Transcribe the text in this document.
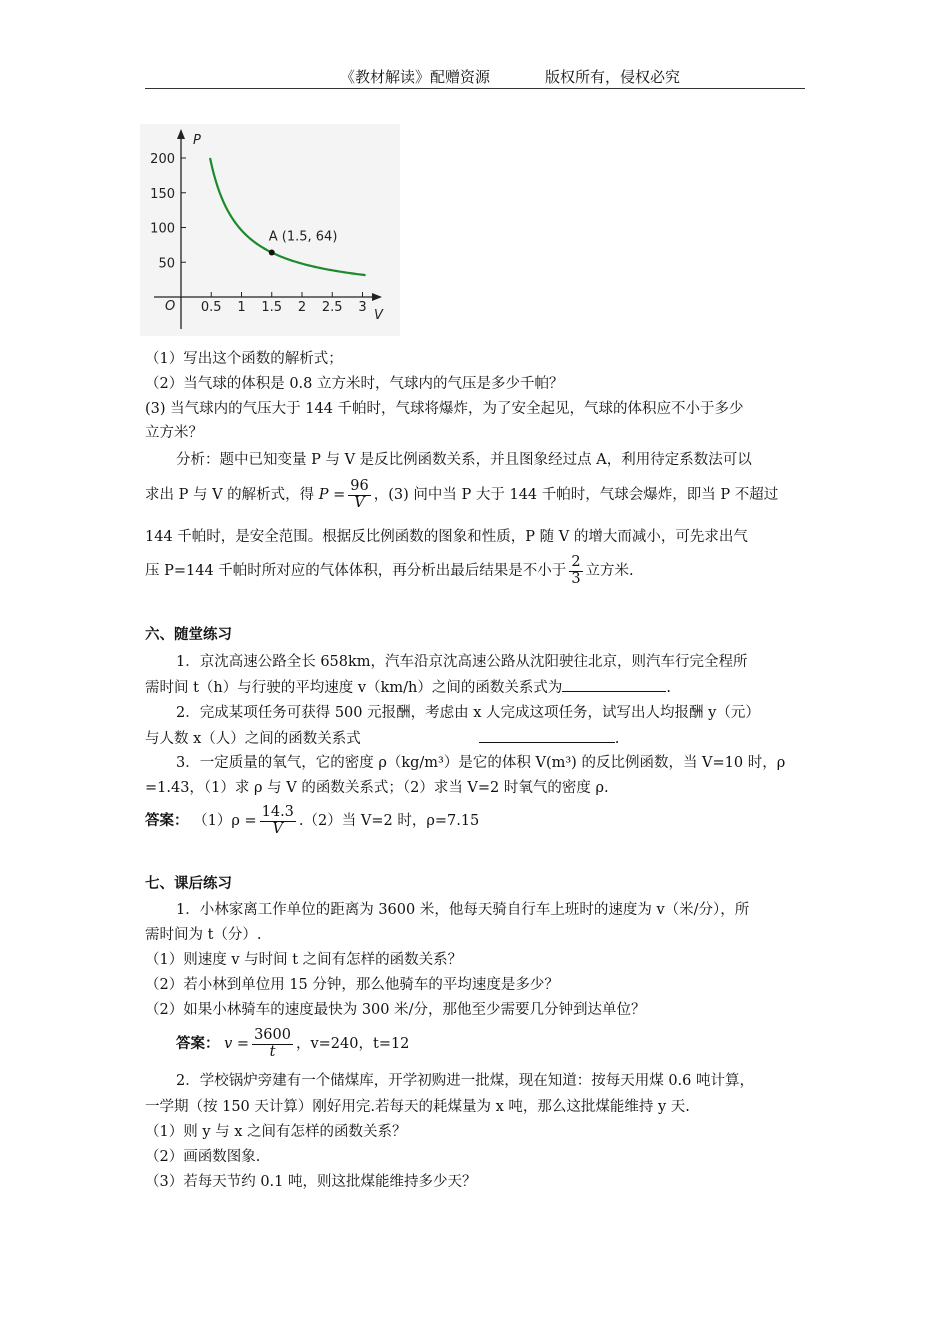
《教材解读》配赠资源	版权所有，侵权必究
0.5 1 1.5 2 2.5 3
50
100
150
200
A (1.5, 64)
V
P
O
（1）写出这个函数的解析式；
（2）当气球的体积是 0.8 立方米时，气球内的气压是多少千帕？
(3) 当气球内的气压大于 144 千帕时，气球将爆炸，为了安全起见，气球的体积应不小于多少
立方米？
分析：题中已知变量 P 与 V 是反比例函数关系，并且图象经过点 A，利用待定系数法可以
求出 P 与 V 的解析式，得 $P = \frac{96}{V}$ ，(3) 问中当 P 大于 144 千帕时，气球会爆炸，即当 P 不超过
144 千帕时，是安全范围。根据反比例函数的图象和性质，P 随 V 的增大而减小，可先求出气
压 P=144 千帕时所对应的气体体积，再分析出最后结果是不小于 $\frac{2}{3}$ 立方米.
六、随堂练习
1．京沈高速公路全长 658km，汽车沿京沈高速公路从沈阳驶往北京，则汽车行完全程所
需时间 t（h）与行驶的平均速度 v（km/h）之间的函数关系式为	.
2．完成某项任务可获得 500 元报酬，考虑由 x 人完成这项任务，试写出人均报酬 y（元）
与人数 x（人）之间的函数关系式	.
3．一定质量的氧气，它的密度 ρ（kg/m³）是它的体积 V(m³) 的反比例函数，当 V=10 时，ρ
=1.43，（1）求 ρ 与 V 的函数关系式；（2）求当 V=2 时氧气的密度 ρ.
答案： $(1)\rho = \frac{14.3}{V} .(2)$当 V=2 时，ρ=7.15
七、课后练习
1．小林家离工作单位的距离为 3600 米，他每天骑自行车上班时的速度为 v（米/分），所
需时间为 t（分）.
（1）则速度 v 与时间 t 之间有怎样的函数关系？
（2）若小林到单位用 15 分钟，那么他骑车的平均速度是多少？
（2）如果小林骑车的速度最快为 300 米/分，那他至少需要几分钟到达单位？
答案： $v = \frac{3600}{t}$ ，v=240，t=12
2．学校锅炉旁建有一个储煤库，开学初购进一批煤，现在知道：按每天用煤 0.6 吨计算，
一学期（按 150 天计算）刚好用完.若每天的耗煤量为 x 吨，那么这批煤能维持 y 天.
（1）则 y 与 x 之间有怎样的函数关系？
（2）画函数图象.
（3）若每天节约 0.1 吨，则这批煤能维持多少天？
